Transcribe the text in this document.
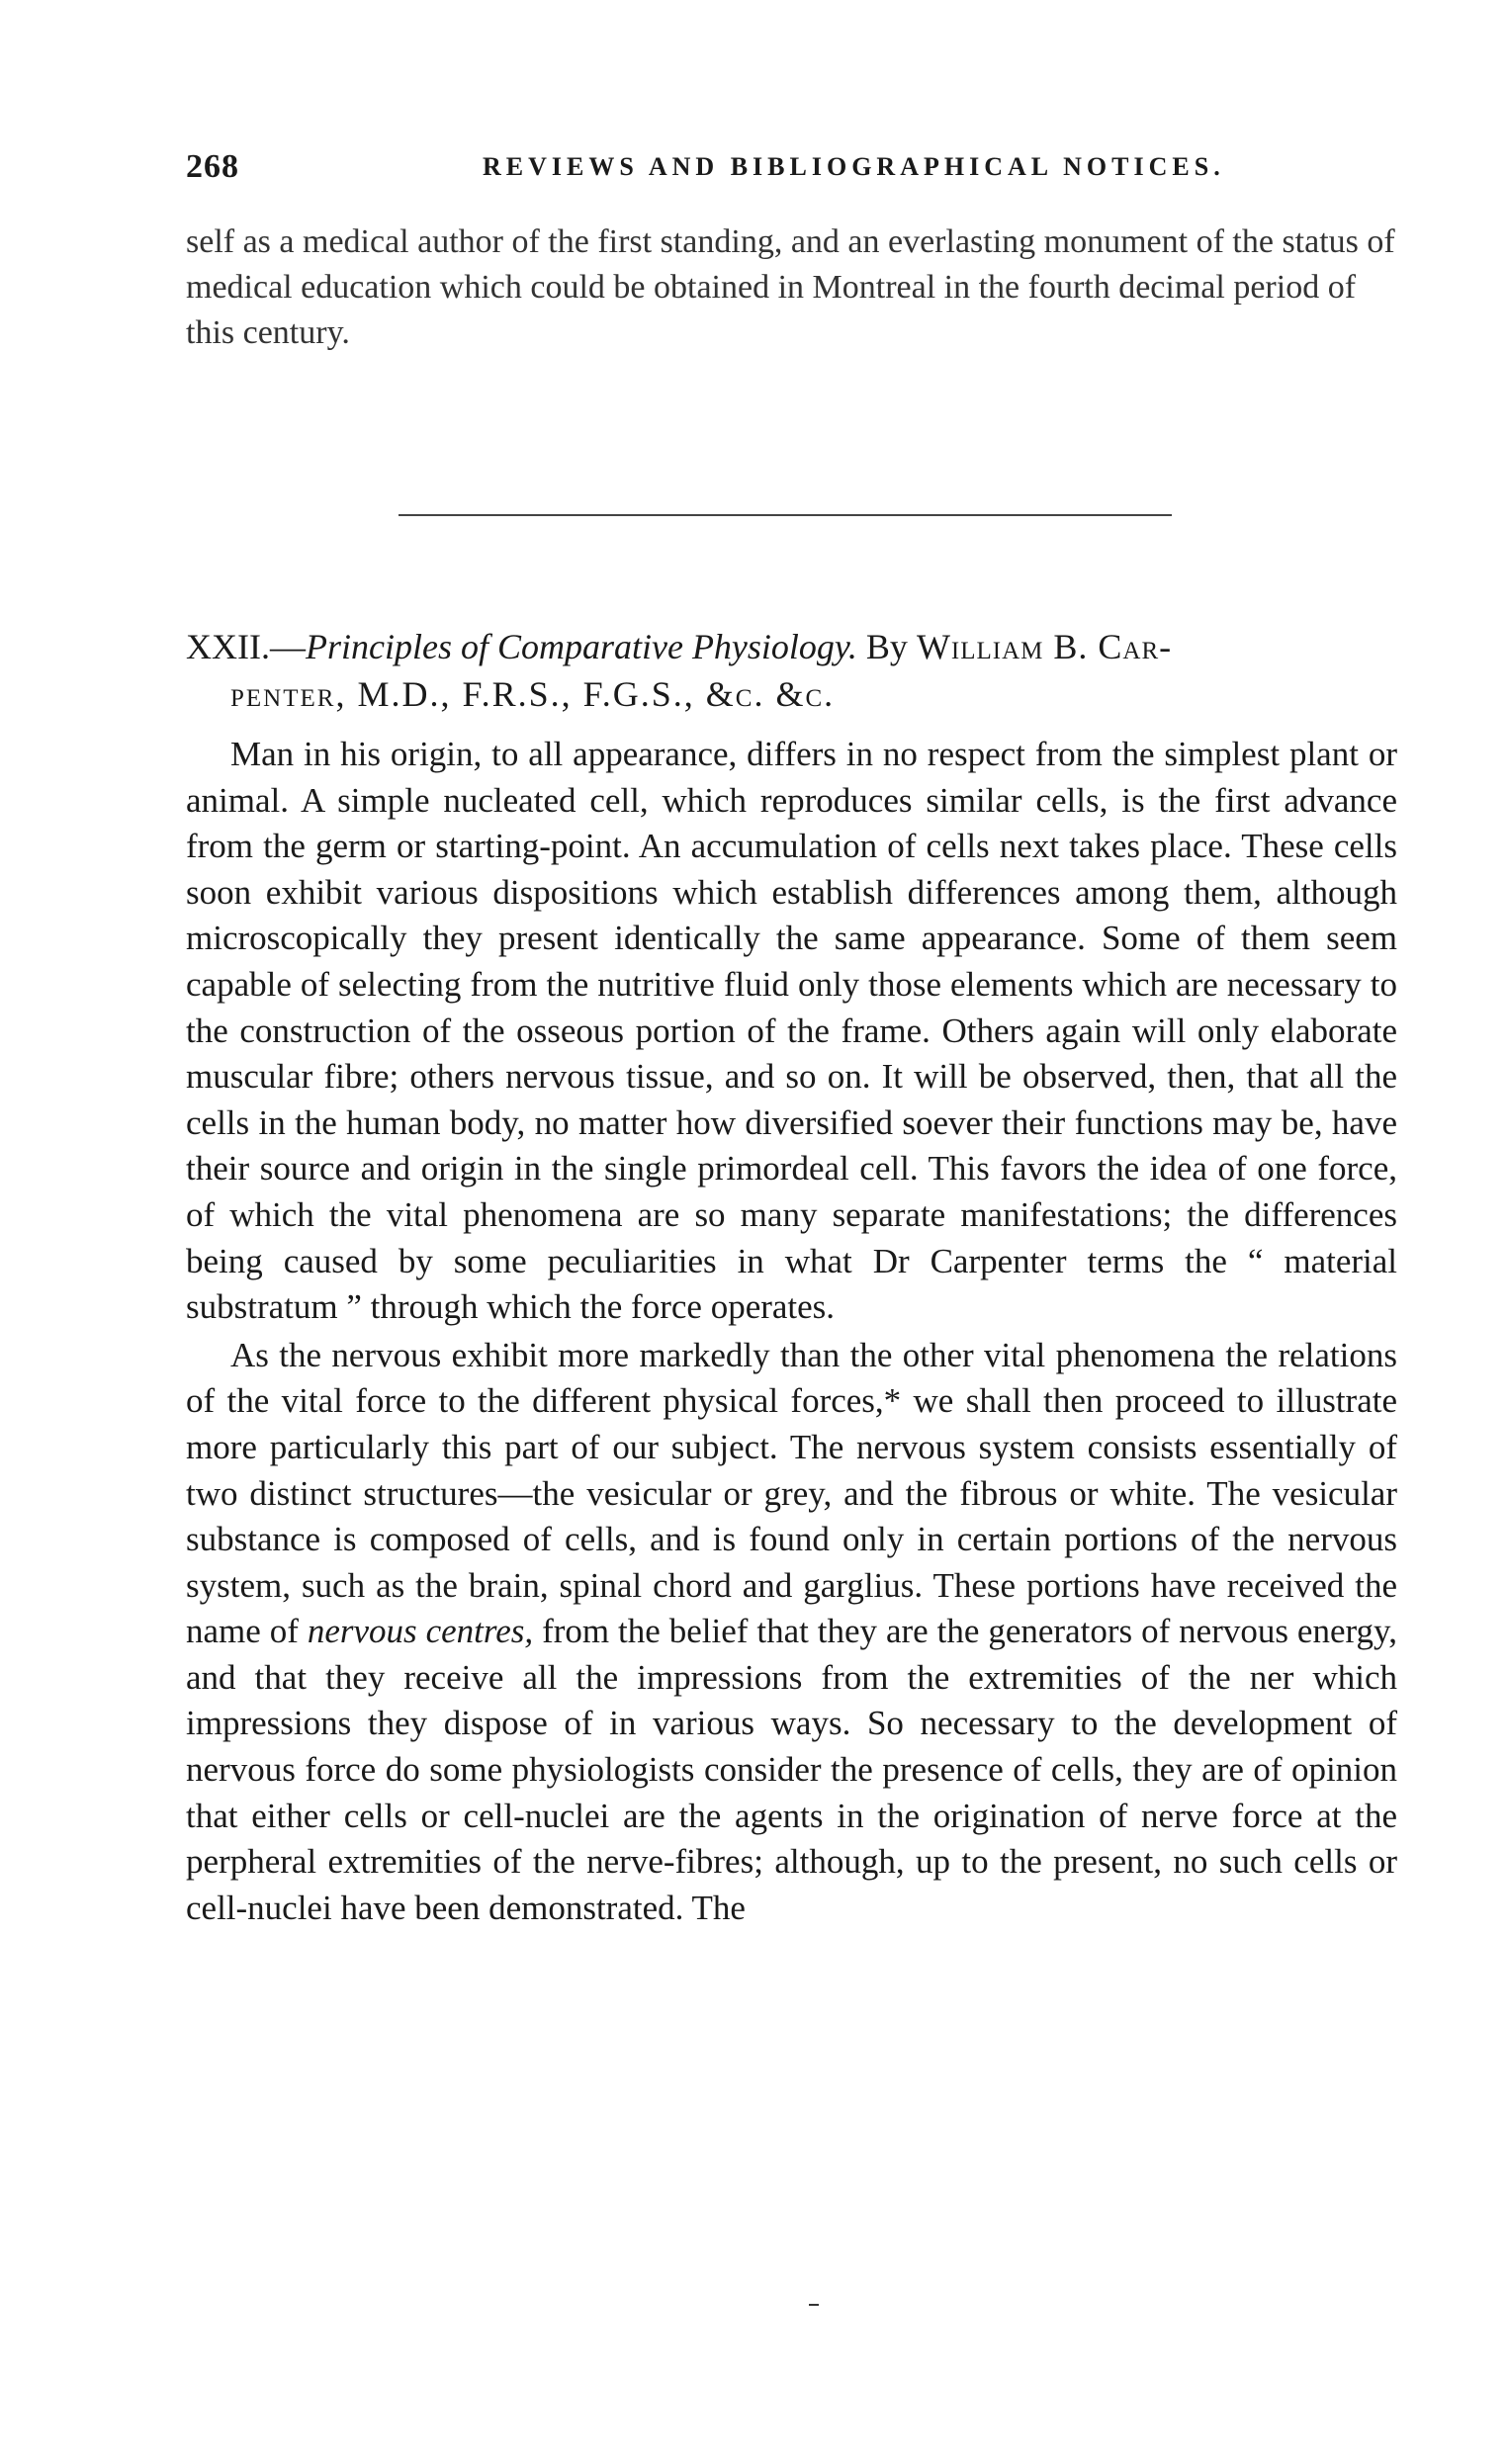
268	REVIEWS AND BIBLIOGRAPHICAL NOTICES.
self as a medical author of the first standing, and an everlasting monument of the status of medical education which could be obtained in Montreal in the fourth decimal period of this century.
XXII.—Principles of Comparative Physiology. By William B. Car-
penter, M.D., F.R.S., F.G.S., &c. &c.

Man in his origin, to all appearance, differs in no respect from the simplest plant or animal. A simple nucleated cell, which reproduces similar cells, is the first advance from the germ or starting-point. An accumulation of cells next takes place. These cells soon exhibit various dispositions which establish differences among them, although microscopically they present identically the same appearance. Some of them seem capable of selecting from the nutritive fluid only those elements which are necessary to the construction of the osseous portion of the frame. Others again will only elaborate muscular fibre; others nervous tissue, and so on. It will be observed, then, that all the cells in the human body, no matter how diversified soever their functions may be, have their source and origin in the single primordeal cell. This favors the idea of one force, of which the vital phenomena are so many separate manifestations; the differences being caused by some peculiarities in what Dr Carpenter terms the “ material substratum ” through which the force operates.

As the nervous exhibit more markedly than the other vital phenomena the relations of the vital force to the different physical forces,* we shall then proceed to illustrate more particularly this part of our subject. The nervous system consists essentially of two distinct structures—the vesicular or grey, and the fibrous or white. The vesicular substance is composed of cells, and is found only in certain portions of the nervous system, such as the brain, spinal chord and garglius. These portions have received the name of nervous centres, from the belief that they are the generators of nervous energy, and that they receive all the impressions from the extremities of the ner which impressions they dispose of in various ways. So necessary to the development of nervous force do some physiologists consider the presence of cells, they are of opinion that either cells or cell-nuclei are the agents in the origination of nerve force at the perpheral extremities of the nerve-fibres; although, up to the present, no such cells or cell-nuclei have been demonstrated. The
